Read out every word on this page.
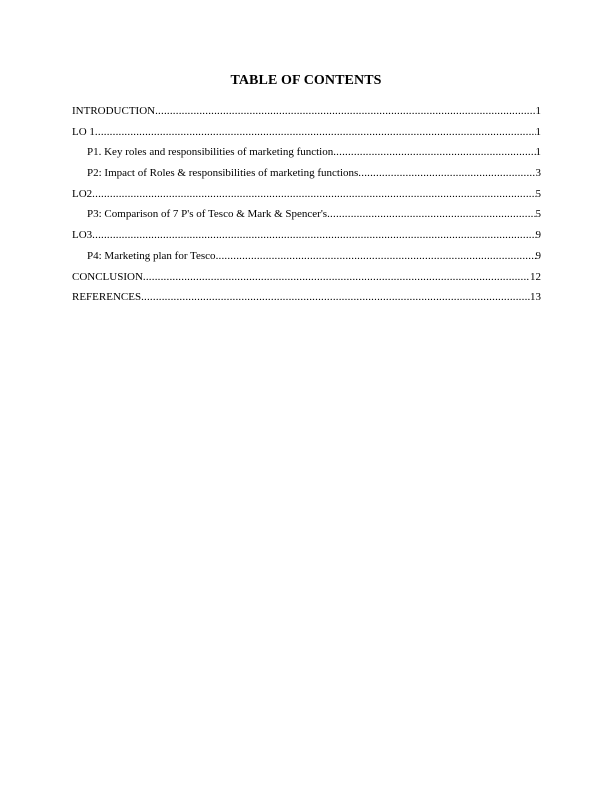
TABLE OF CONTENTS
INTRODUCTION .....	1
LO 1 .....	1
P1. Key roles and responsibilities of marketing function .....	1
P2: Impact of Roles & responsibilities of marketing functions .....	3
LO2 .....	5
P3: Comparison of 7 P's of Tesco & Mark & Spencer's .....	5
LO3 .....	9
P4: Marketing plan for Tesco .....	9
CONCLUSION .....	12
REFERENCES .....	13
